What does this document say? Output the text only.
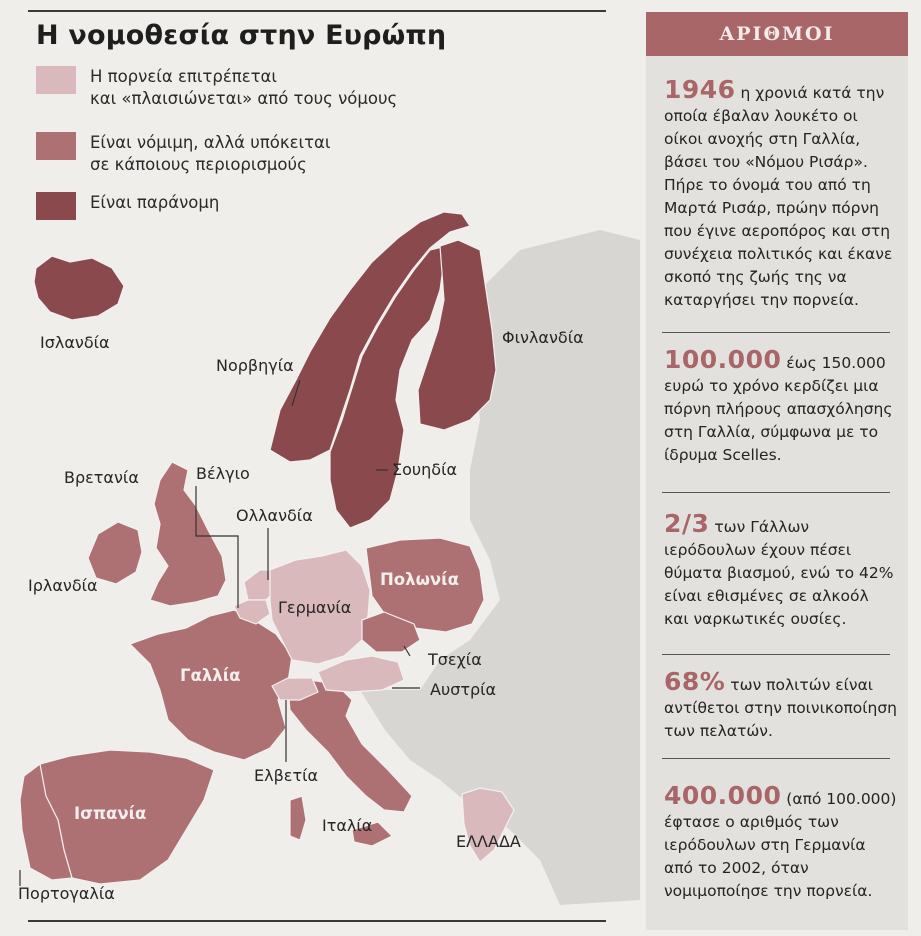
Η νομοθεσία στην Ευρώπη
Η πορνεία επιτρέπεται
και «πλαισιώνεται» από τους νόμους
Είναι νόμιμη, αλλά υπόκειται
σε κάποιους περιορισμούς
Είναι παράνομη
Ισλανδία
Νορβηγία
Φινλανδία
Σουηδία
Βρετανία	Βέλγιο
Ολλανδία
Ιρλανδία
Γερμανία
Πολωνία
Τσεχία
Αυστρία
Γαλλία
Ελβετία
Ισπανία
Ιταλία
ΕΛΛΑΔΑ
Πορτογαλία
ΑΡΙΘΜΟΙ
1946 η χρονιά κατά την οποία έβαλαν λουκέτο οι οίκοι ανοχής στη Γαλλία, βάσει του «Νόμου Ρισάρ». Πήρε το όνομά του από τη Μαρτά Ρισάρ, πρώην πόρνη που έγινε αεροπόρος και στη συνέχεια πολιτικός και έκανε σκοπό της ζωής της να καταργήσει την πορνεία.
100.000 έως 150.000 ευρώ το χρόνο κερδίζει μια πόρνη πλήρους απασχόλησης στη Γαλλία, σύμφωνα με το ίδρυμα Scelles.
2/3 των Γάλλων ιερόδουλων έχουν πέσει θύματα βιασμού, ενώ το 42% είναι εθισμένες σε αλκοόλ και ναρκωτικές ουσίες.
68% των πολιτών είναι αντίθετοι στην ποινικοποίηση των πελατών.
400.000 (από 100.000) έφτασε ο αριθμός των ιερόδουλων στη Γερμανία από το 2002, όταν νομιμοποίησε την πορνεία.
